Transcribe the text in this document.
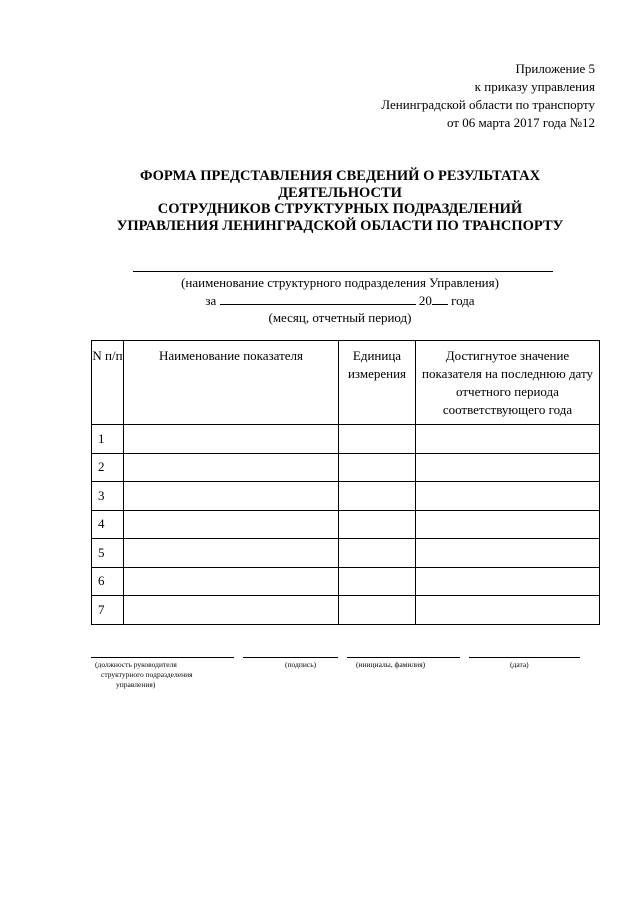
Приложение 5
к приказу управления
Ленинградской области по транспорту
от 06 марта 2017 года №12
ФОРМА ПРЕДСТАВЛЕНИЯ СВЕДЕНИЙ О РЕЗУЛЬТАТАХ
ДЕЯТЕЛЬНОСТИ
СОТРУДНИКОВ СТРУКТУРНЫХ ПОДРАЗДЕЛЕНИЙ
УПРАВЛЕНИЯ ЛЕНИНГРАДСКОЙ ОБЛАСТИ ПО ТРАНСПОРТУ
(наименование структурного подразделения Управления)
за	20 года
(месяц, отчетный период)
N п/п	Наименование показателя	Единица измерения	Достигнутое значение показателя на последнюю дату отчетного периода соответствующего года
1			
2			
3			
4			
5			
6			
7			
(должность руководителя
структурного подразделения
управления)
(подпись)	(инициалы, фамилия)	(дата)
